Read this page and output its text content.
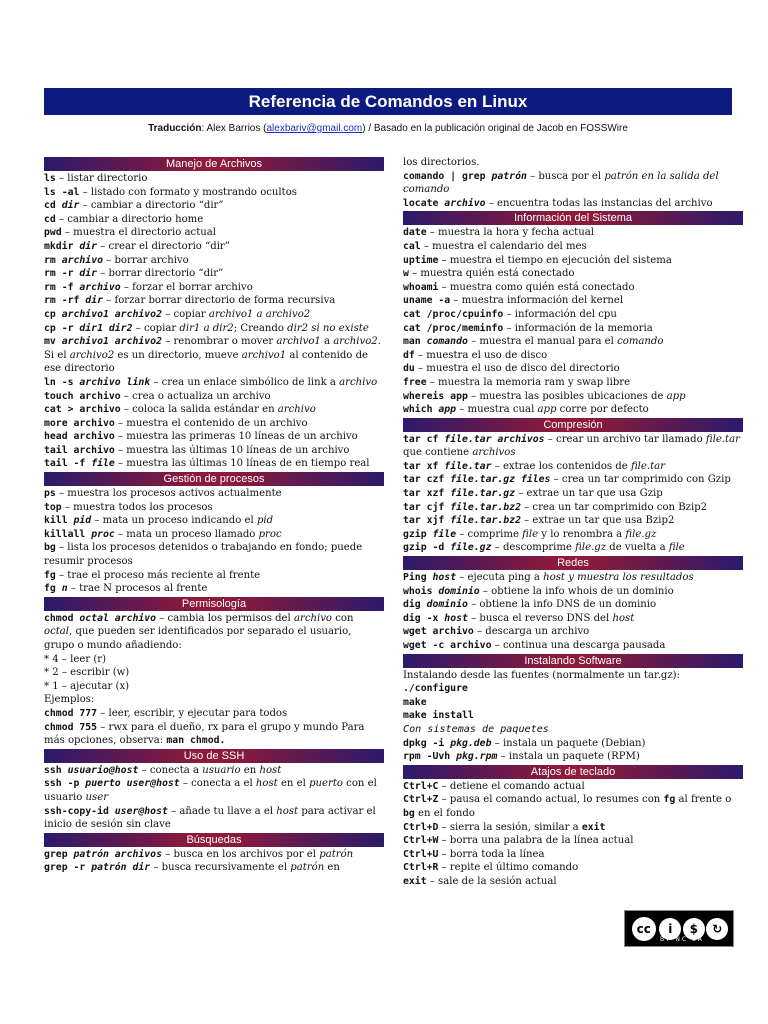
Referencia de Comandos en Linux
Traducción: Alex Barrios (alexbariv@gmail.com) / Basado en la publicación original de Jacob en FOSSWire
Manejo de Archivos
ls – listar directorio
ls -al – listado con formato y mostrando ocultos
cd dir – cambiar a directorio “dir”
cd – cambiar a directorio home
pwd – muestra el directorio actual
mkdir dir – crear el directorio “dir”
rm archivo – borrar archivo
rm -r dir – borrar directorio “dir”
rm -f archivo – forzar el borrar archivo
rm -rf dir – forzar borrar directorio de forma recursiva
cp archivo1 archivo2 – copiar archivo1 a archivo2
cp -r dir1 dir2 – copiar dir1 a dir2; Creando dir2 si no existe
mv archivo1 archivo2 – renombrar o mover archivo1 a archivo2. Si el archivo2 es un directorio, mueve archivo1 al contenido de ese directorio
ln -s archivo link – crea un enlace simbólico de link a archivo
touch archivo – crea o actualiza un archivo
cat > archivo – coloca la salida estándar en archivo
more archivo – muestra el contenido de un archivo
head archivo – muestra las primeras 10 líneas de un archivo
tail archivo – muestra las últimas 10 líneas de un archivo
tail -f file – muestra las últimas 10 líneas de en tiempo real
Gestión de procesos
ps – muestra los procesos activos actualmente
top – muestra todos los procesos
kill pid – mata un proceso indicando el pid
killall proc – mata un proceso llamado proc
bg – lista los procesos detenidos o trabajando en fondo; puede resumir procesos
fg – trae el proceso más reciente al frente
fg n – trae N procesos al frente
Permisología
chmod octal archivo – cambia los permisos del archivo con octal, que pueden ser identificados por separado el usuario, grupo o mundo añadiendo:
* 4 – leer (r)
* 2 – escribir (w)
* 1 – ajecutar (x)
Ejemplos:
chmod 777 – leer, escribir, y ejecutar para todos
chmod 755 – rwx para el dueño, rx para el grupo y mundo Para más opciones, observa: man chmod.
Uso de SSH
ssh usuario@host – conecta a usuario en host
ssh -p puerto user@host – conecta a el host en el puerto con el usuario user
ssh-copy-id user@host – añade tu llave a el host para activar el inicio de sesión sin clave
Búsquedas
grep patrón archivos – busca en los archivos por el patrón
grep -r patrón dir – busca recursivamente el patrón en
los directorios.
comando | grep patrón – busca por el patrón en la salida del comando
locate archivo – encuentra todas las instancias del archivo
Información del Sistema
date – muestra la hora y fecha actual
cal – muestra el calendario del mes
uptime – muestra el tiempo en ejecución del sistema
w – muestra quién está conectado
whoami – muestra como quién está conectado
uname -a – muestra información del kernel
cat /proc/cpuinfo – información del cpu
cat /proc/meminfo – información de la memoria
man comando – muestra el manual para el comando
df – muestra el uso de disco
du – muestra el uso de disco del directorio
free – muestra la memoria ram y swap libre
whereis app – muestra las posibles ubicaciones de app
which app – muestra cual app corre por defecto
Compresión
tar cf file.tar archivos – crear un archivo tar llamado file.tar que contiene archivos
tar xf file.tar – extrae los contenidos de file.tar
tar czf file.tar.gz files – crea un tar comprimido con Gzip
tar xzf file.tar.gz – extrae un tar que usa Gzip
tar cjf file.tar.bz2 – crea un tar comprimido con Bzip2
tar xjf file.tar.bz2 – extrae un tar que usa Bzip2
gzip file – comprime file y lo renombra a file.gz
gzip -d file.gz – descomprime file.gz de vuelta a file
Redes
Ping host – ejecuta ping a host y muestra los resultados
whois dominio – obtiene la info whois de un dominio
dig dominio – obtiene la info DNS de un dominio
dig -x host – busca el reverso DNS del host
wget archivo – descarga un archivo
wget -c archivo – continua una descarga pausada
Instalando Software
Instalando desde las fuentes (normalmente un tar.gz):
./configure
make
make install
Con sistemas de paquetes
dpkg -i pkg.deb – instala un paquete (Debian)
rpm -Uvh pkg.rpm – instala un paquete (RPM)
Atajos de teclado
Ctrl+C – detiene el comando actual
Ctrl+Z – pausa el comando actual, lo resumes con fg al frente o bg en el fondo
Ctrl+D – sierra la sesión, similar a exit
Ctrl+W – borra una palabra de la línea actual
Ctrl+U – borra toda la línea
Ctrl+R – repite el último comando
exit – sale de la sesión actual
cc	i	$	↻
BY NC SA
